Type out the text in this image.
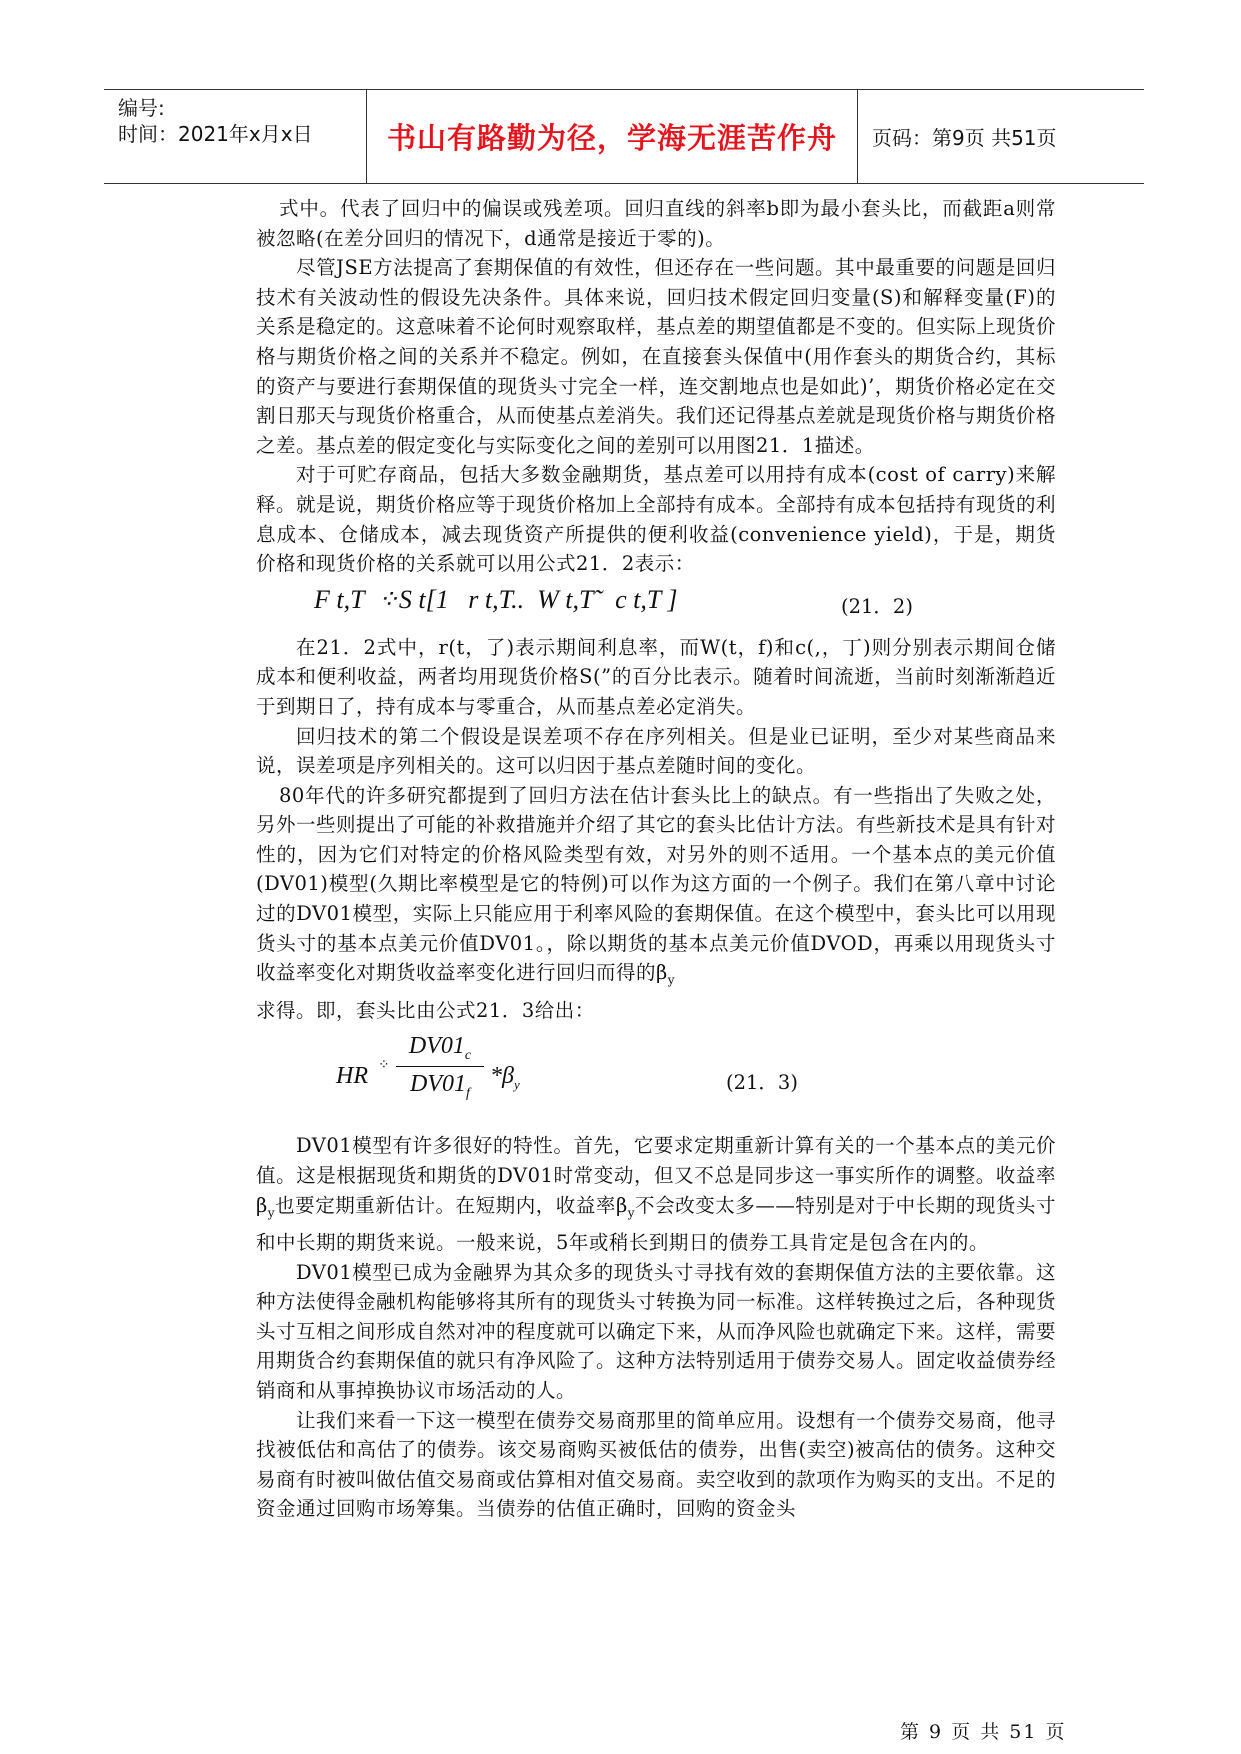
编号:
时间：2021年x月x日	书山有路勤为径，学海无涯苦作舟 页码：第9页 共51页

式中。代表了回归中的偏误或残差项。回归直线的斜率b即为最小套头比，而截距a则常被忽略(在差分回归的情况下，d通常是接近于零的)。

尽管JSE方法提高了套期保值的有效性，但还存在一些问题。其中最重要的问题是回归技术有关波动性的假设先决条件。具体来说，回归技术假定回归变量(S)和解释变量(F)的关系是稳定的。这意味着不论何时观察取样，基点差的期望值都是不变的。但实际上现货价格与期货价格之间的关系并不稳定。例如，在直接套头保值中(用作套头的期货合约，其标的资产与要进行套期保值的现货头寸完全一样，连交割地点也是如此)’，期货价格必定在交割日那天与现货价格重合，从而使基点差消失。我们还记得基点差就是现货价格与期货价格之差。基点差的假定变化与实际变化之间的差别可以用图21．1描述。

对于可贮存商品，包括大多数金融期货，基点差可以用持有成本(cost of carry)来解释。就是说，期货价格应等于现货价格加上全部持有成本。全部持有成本包括持有现货的利息成本、仓储成本，减去现货资产所提供的便利收益(convenience yield)，于是，期货价格和现货价格的关系就可以用公式21．2表示：

F t,T  ⁘S t[1   r t,T..  W t,T˜  c t,T ]	(21．2)

在21．2式中，r(t，了)表示期间利息率，而W(t，f)和c(,，丁)则分别表示期间仓储成本和便利收益，两者均用现货价格S(”的百分比表示。随着时间流逝，当前时刻渐渐趋近于到期日了，持有成本与零重合，从而基点差必定消失。

回归技术的第二个假设是误差项不存在序列相关。但是业已证明，至少对某些商品来说，误差项是序列相关的。这可以归因于基点差随时间的变化。

80年代的许多研究都提到了回归方法在估计套头比上的缺点。有一些指出了失败之处，另外一些则提出了可能的补救措施并介绍了其它的套头比估计方法。有些新技术是具有针对性的，因为它们对特定的价格风险类型有效，对另外的则不适用。一个基本点的美元价值(DV01)模型(久期比率模型是它的特例)可以作为这方面的一个例子。我们在第八章中讨论过的DV01模型，实际上只能应用于利率风险的套期保值。在这个模型中，套头比可以用现货头寸的基本点美元价值DV01。，除以期货的基本点美元价值DVOD，再乘以用现货头寸收益率变化对期货收益率变化进行回归而得的$\beta_y$

求得。即，套头比由公式21．3给出：

HR ⁘ $\frac{DV01_c}{DV01_f} *\beta_y$	(21．3)

DV01模型有许多很好的特性。首先，它要求定期重新计算有关的一个基本点的美元价值。这是根据现货和期货的DV01时常变动，但又不总是同步这一事实所作的调整。收益率$\beta_y$也要定期重新估计。在短期内，收益率$\beta_y$不会改变太多——特别是对于中长期的现货头寸和中长期的期货来说。一般来说，5年或稍长到期日的债券工具肯定是包含在内的。

DV01模型已成为金融界为其众多的现货头寸寻找有效的套期保值方法的主要依靠。这种方法使得金融机构能够将其所有的现货头寸转换为同一标准。这样转换过之后，各种现货头寸互相之间形成自然对冲的程度就可以确定下来，从而净风险也就确定下来。这样，需要用期货合约套期保值的就只有净风险了。这种方法特别适用于债券交易人。固定收益债券经销商和从事掉换协议市场活动的人。

让我们来看一下这一模型在债券交易商那里的简单应用。设想有一个债券交易商，他寻找被低估和高估了的债券。该交易商购买被低估的债券，出售(卖空)被高估的债务。这种交易商有时被叫做估值交易商或估算相对值交易商。卖空收到的款项作为购买的支出。不足的资金通过回购市场筹集。当债券的估值正确时，回购的资金头

第 9 页 共 51 页
